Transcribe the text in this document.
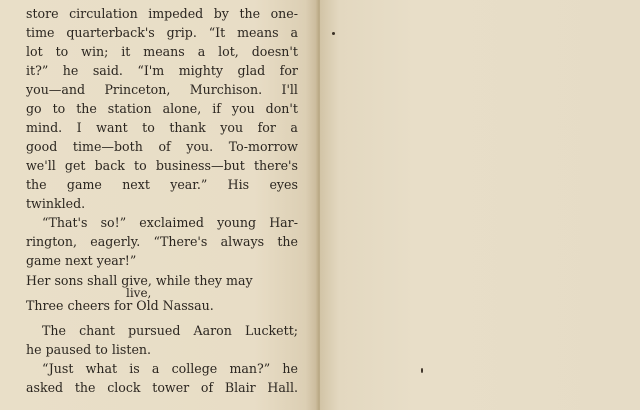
store circulation impeded by the one-
time quarterback's grip. “It means a
lot to win; it means a lot, doesn't
it?” he said. “I'm mighty glad for
you—and Princeton, Murchison. I'll
go to the station alone, if you don't
mind. I want to thank you for a
good time—both of you. To-morrow
we'll get back to business—but there's
the game next year.” His eyes
twinkled.
“That's so!” exclaimed young Har-
rington, eagerly. “There's always the
game next year!”
Her sons shall give, while they may
live,
Three cheers for Old Nassau.
The chant pursued Aaron Luckett;
he paused to listen.
“Just what is a college man?” he
asked the clock tower of Blair Hall.
